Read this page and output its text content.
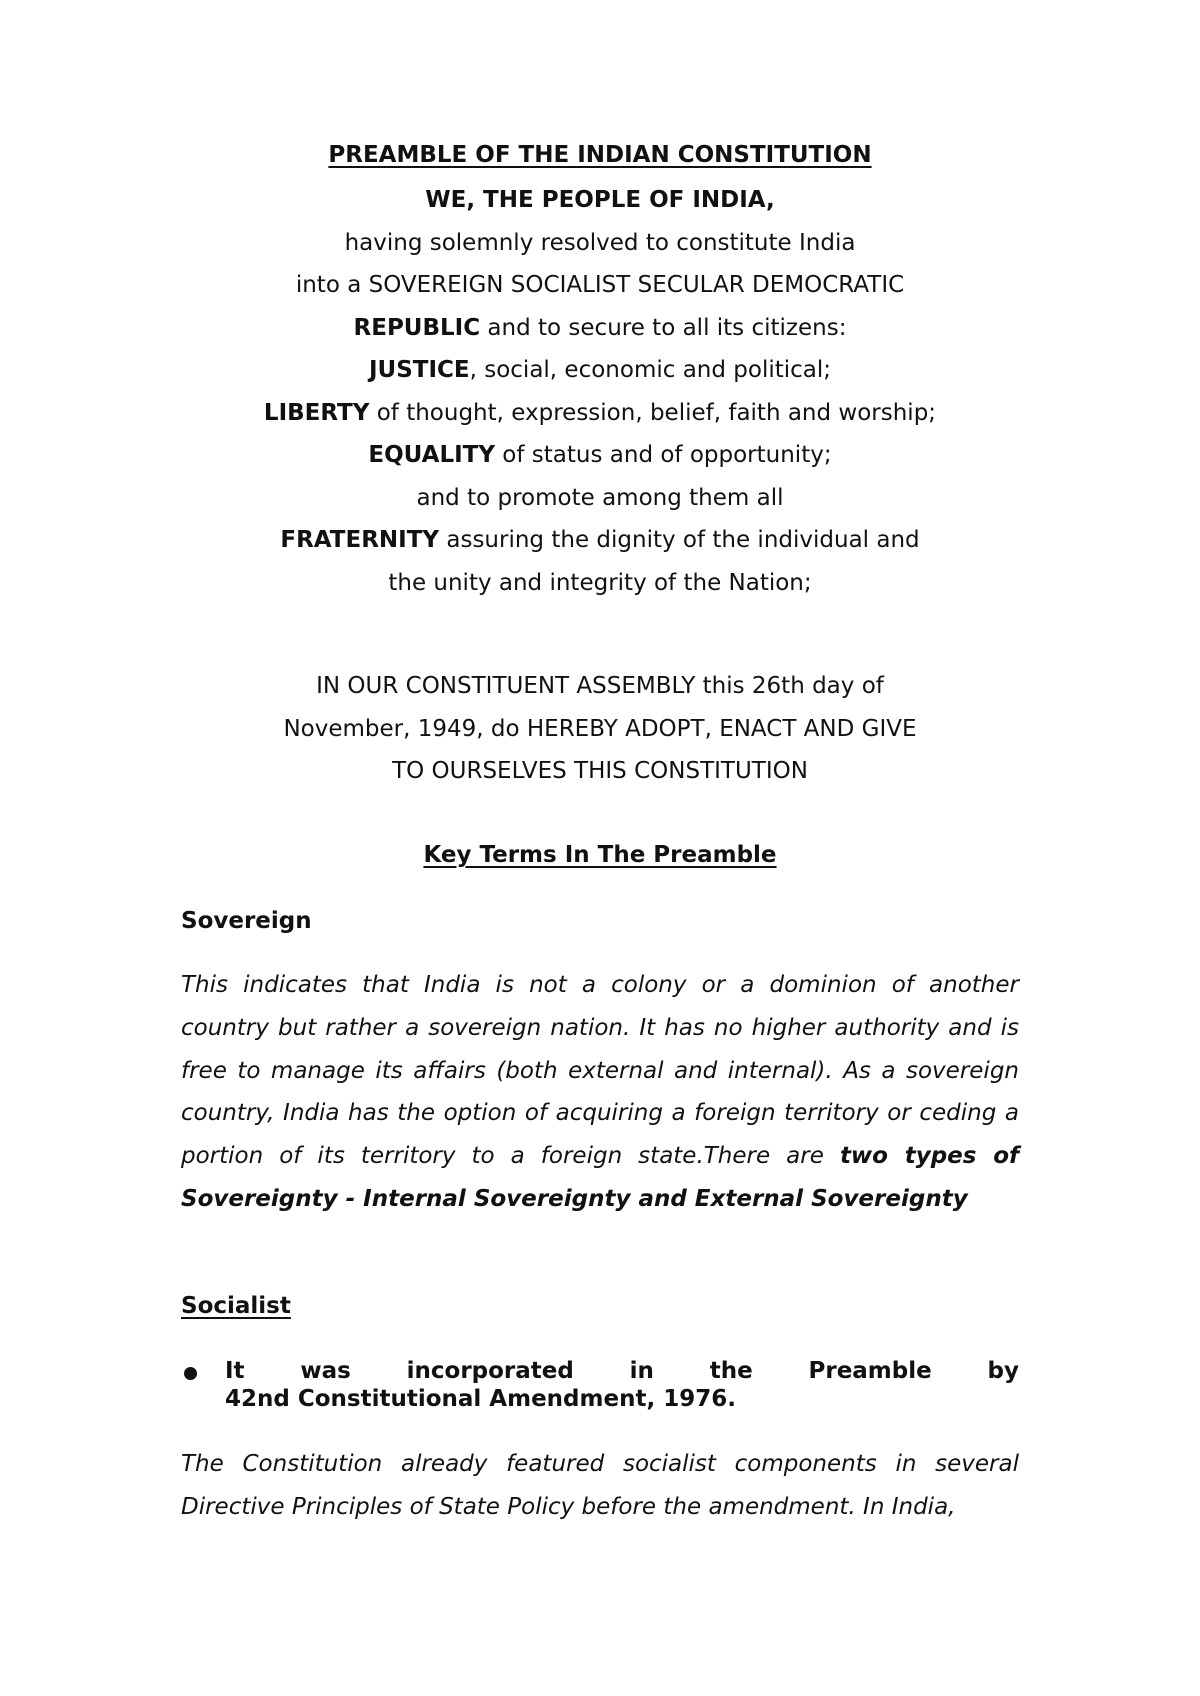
PREAMBLE OF THE INDIAN CONSTITUTION
WE, THE PEOPLE OF INDIA,
having solemnly resolved to constitute India
into a SOVEREIGN SOCIALIST SECULAR DEMOCRATIC
REPUBLIC and to secure to all its citizens:
JUSTICE, social, economic and political;
LIBERTY of thought, expression, belief, faith and worship;
EQUALITY of status and of opportunity;
and to promote among them all
FRATERNITY assuring the dignity of the individual and
the unity and integrity of the Nation;
IN OUR CONSTITUENT ASSEMBLY this 26th day of
November, 1949, do HEREBY ADOPT, ENACT AND GIVE
TO OURSELVES THIS CONSTITUTION
Key Terms In The Preamble
Sovereign
This indicates that India is not a colony or a dominion of another country but rather a sovereign nation. It has no higher authority and is free to manage its affairs (both external and internal). As a sovereign country, India has the option of acquiring a foreign territory or ceding a portion of its territory to a foreign state.There are two types of Sovereignty - Internal Sovereignty and External Sovereignty
Socialist
It was incorporated in the Preamble by
42nd Constitutional Amendment, 1976.
The Constitution already featured socialist components in several Directive Principles of State Policy before the amendment. In India,
